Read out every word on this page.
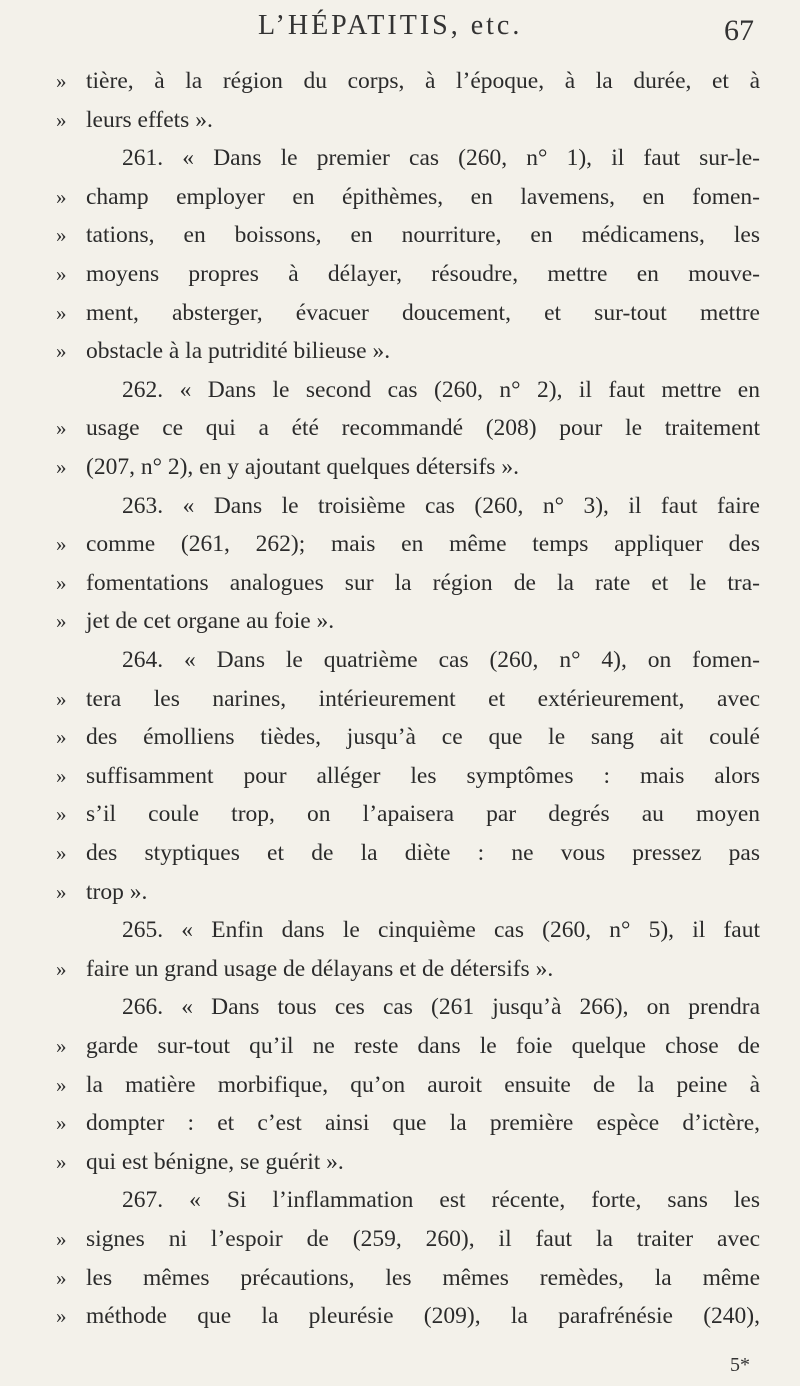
L’HÉPATITIS, etc.	67
» tière, à la région du corps, à l’époque, à la durée, et à
» leurs effets ».
261. « Dans le premier cas (260, n° 1), il faut sur-le-
» champ employer en épithèmes, en lavemens, en fomen-
» tations, en boissons, en nourriture, en médicamens, les
» moyens propres à délayer, résoudre, mettre en mouve-
» ment, absterger, évacuer doucement, et sur-tout mettre
» obstacle à la putridité bilieuse ».
262. « Dans le second cas (260, n° 2), il faut mettre en
» usage ce qui a été recommandé (208) pour le traitement
» (207, n° 2), en y ajoutant quelques détersifs ».
263. « Dans le troisième cas (260, n° 3), il faut faire
» comme (261, 262); mais en même temps appliquer des
» fomentations analogues sur la région de la rate et le tra-
» jet de cet organe au foie ».
264. « Dans le quatrième cas (260, n° 4), on fomen-
» tera les narines, intérieurement et extérieurement, avec
» des émolliens tièdes, jusqu’à ce que le sang ait coulé
» suffisamment pour alléger les symptômes : mais alors
» s’il coule trop, on l’apaisera par degrés au moyen
» des styptiques et de la diète : ne vous pressez pas
» trop ».
265. « Enfin dans le cinquième cas (260, n° 5), il faut
» faire un grand usage de délayans et de détersifs ».
266. « Dans tous ces cas (261 jusqu’à 266), on prendra
» garde sur-tout qu’il ne reste dans le foie quelque chose de
» la matière morbifique, qu’on auroit ensuite de la peine à
» dompter : et c’est ainsi que la première espèce d’ictère,
» qui est bénigne, se guérit ».
267. « Si l’inflammation est récente, forte, sans les
» signes ni l’espoir de (259, 260), il faut la traiter avec
» les mêmes précautions, les mêmes remèdes, la même
» méthode que la pleurésie (209), la parafrénésie (240),
5*
